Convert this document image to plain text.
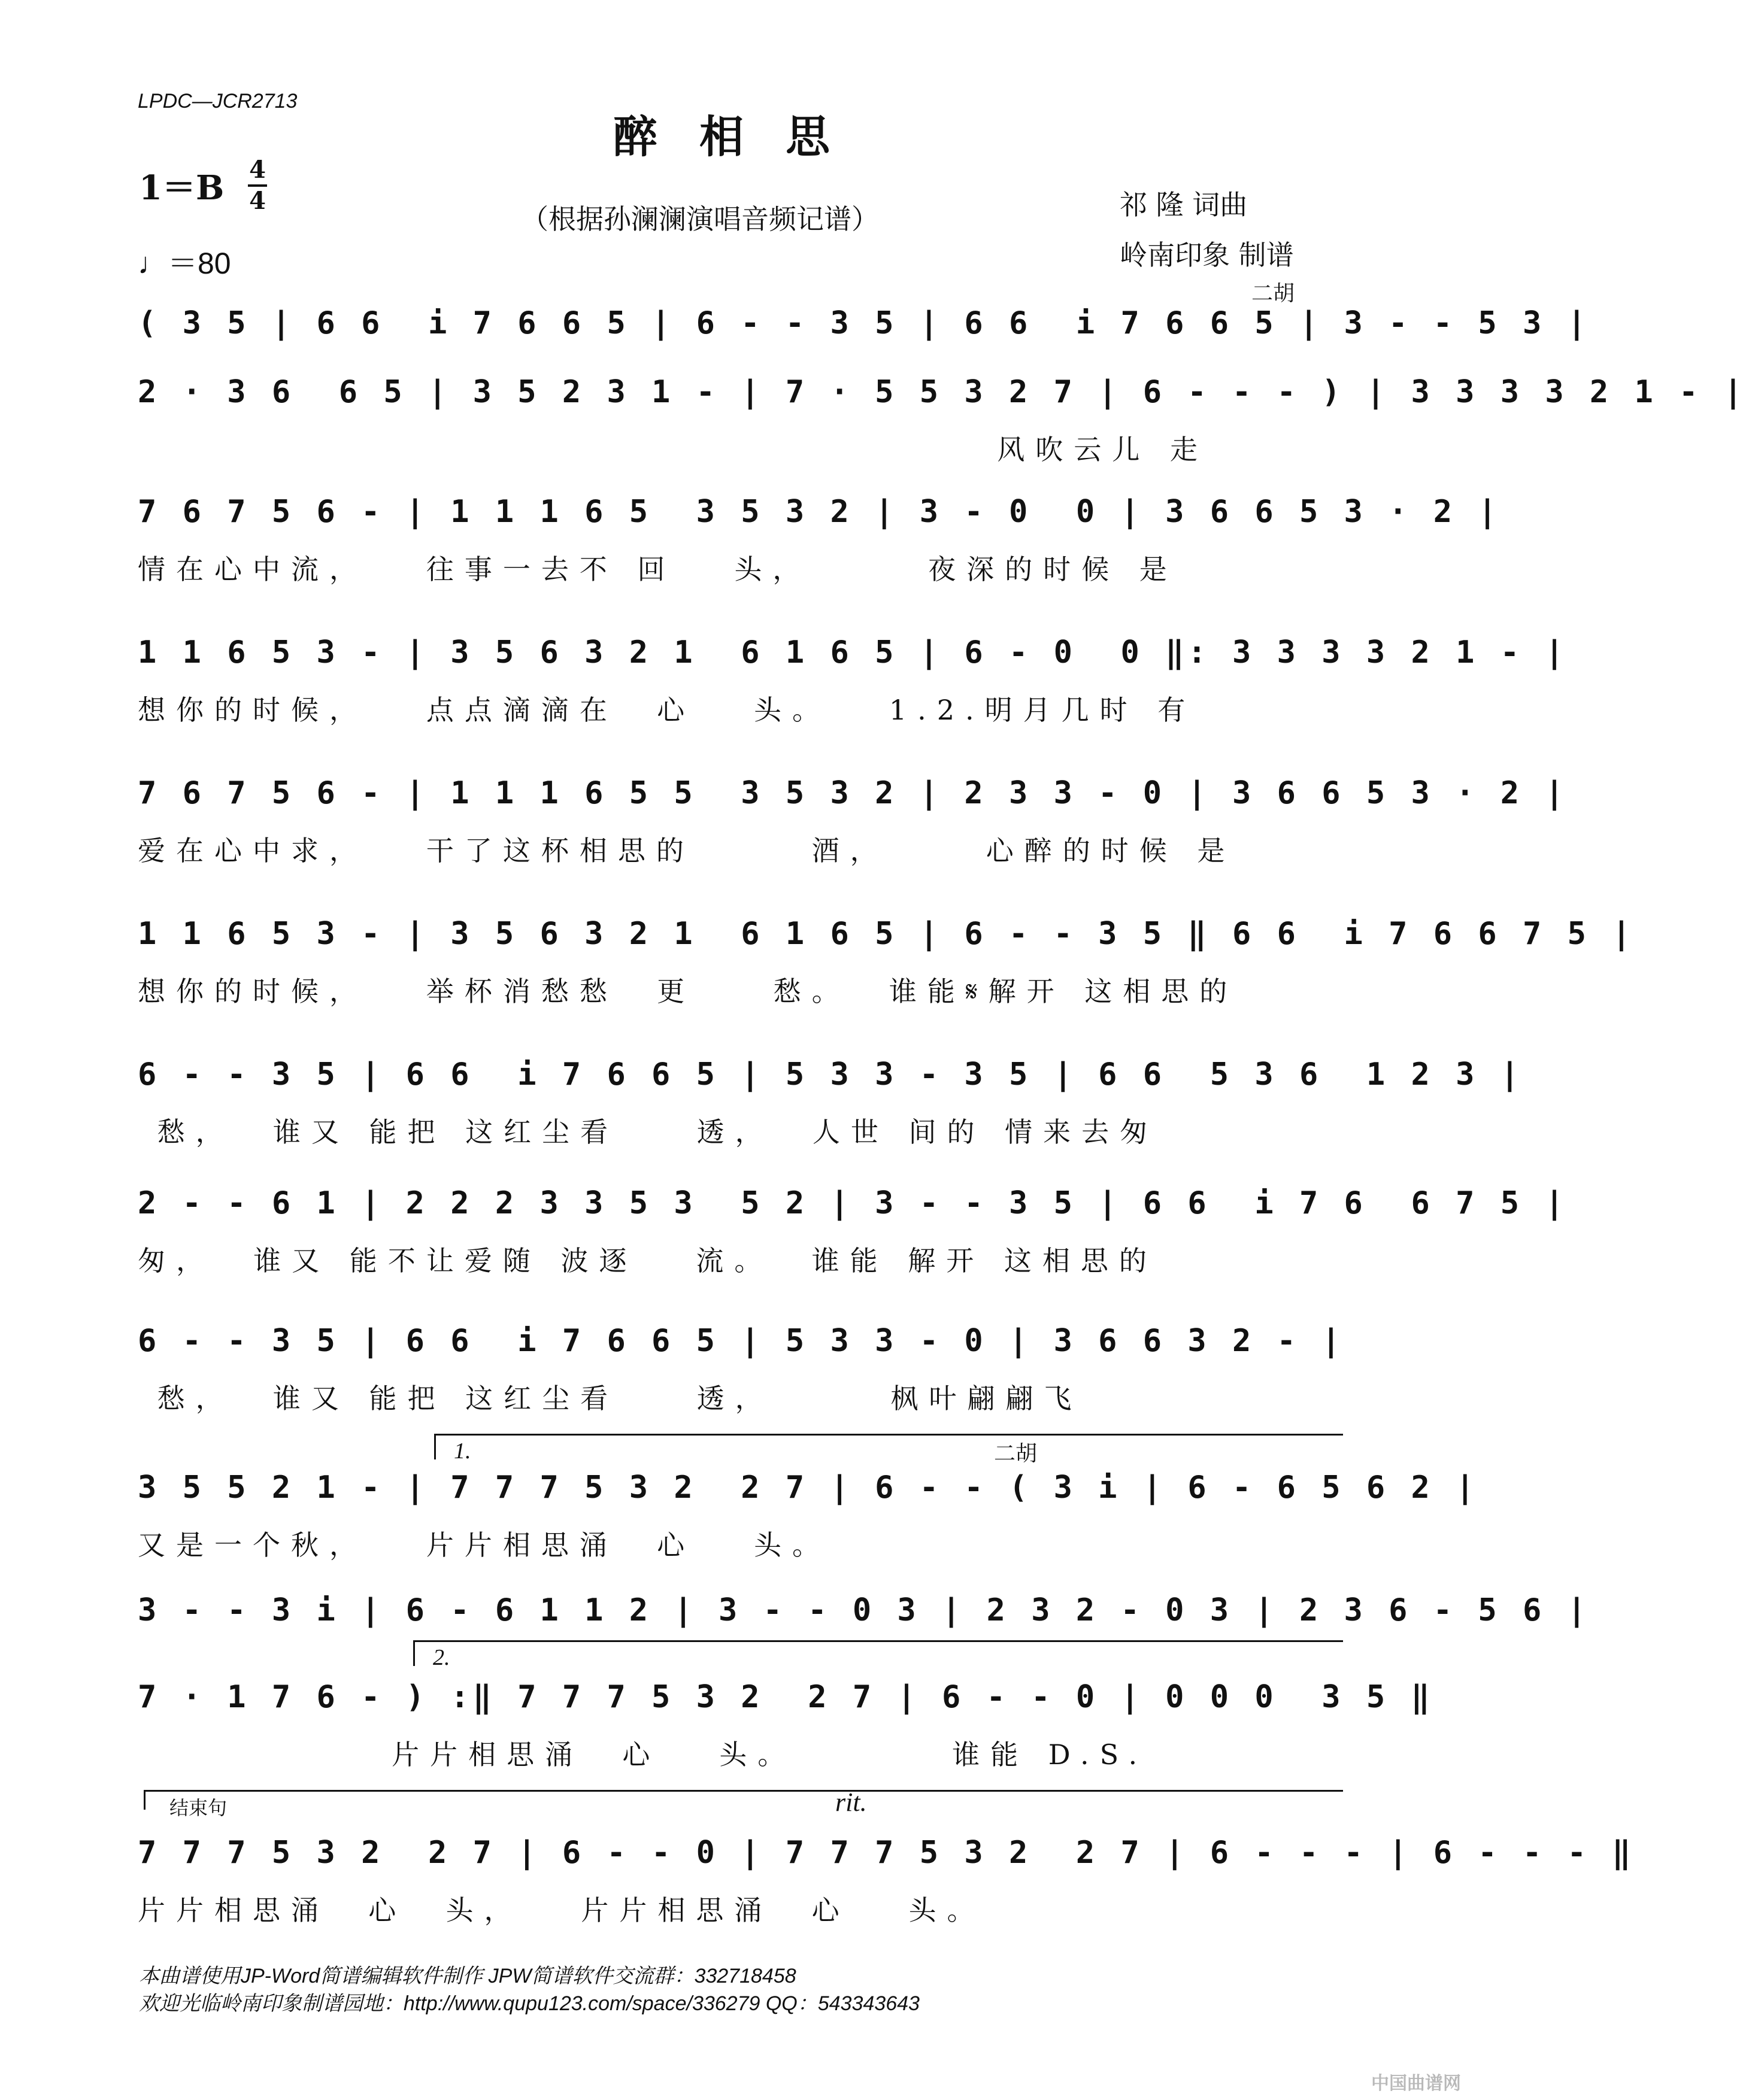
LPDC—JCR2713
醉相思
1＝B 4
4
♩＝80
（根据孙澜澜演唱音频记谱）	祁 隆 词曲
岭南印象 制谱
二胡
( 3 5 | 6 6  i 7 6 6 5 | 6 - - 3 5 | 6 6  i 7 6 6 5 | 3 - - 5 3 |
2 · 3 6  6 5 | 3 5 2 3 1 - | 7 · 5 5 3 2 7 | 6 - - - ) | 3 3 3 3 2 1 - |
风吹云儿 走
7 6 7 5 6 - | 1 1 1 6 5  3 5 3 2 | 3 - 0  0 | 3 6 6 5 3 · 2 |
情在心中流，   往事一去不 回   头，      夜深的时候 是
1 1 6 5 3 - | 3 5 6 3 2 1  6 1 6 5 | 6 - 0  0 ‖: 3 3 3 3 2 1 - |
想你的时候，   点点滴滴在  心   头。   1.2.明月几时 有
7 6 7 5 6 - | 1 1 1 6 5 5  3 5 3 2 | 2 3 3 - 0 | 3 6 6 5 3 · 2 |
爱在心中求，   干了这杯相思的      酒，     心醉的时候 是
1 1 6 5 3 - | 3 5 6 3 2 1  6 1 6 5 | 6 - - 3 5 ‖ 6 6  i 7 6 6 7 5 |
想你的时候，   举杯消愁愁  更    愁。  谁能𝄋解开 这相思的
6 - - 3 5 | 6 6  i 7 6 6 5 | 5 3 3 - 3 5 | 6 6  5 3 6  1 2 3 |
愁，  谁又 能把 这红尘看    透，  人世 间的 情来去匆
2 - - 6 1 | 2 2 2 3 3 5 3  5 2 | 3 - - 3 5 | 6 6  i 7 6  6 7 5 |
匆，  谁又 能不让爱随 波逐   流。  谁能 解开 这相思的
6 - - 3 5 | 6 6  i 7 6 6 5 | 5 3 3 - 0 | 3 6 6 3 2 - |
愁，  谁又 能把 这红尘看    透，      枫叶翩翩飞
1.	二胡
3 5 5 2 1 - | 7 7 7 5 3 2  2 7 | 6 - - ( 3 i | 6 - 6 5 6 2 |
又是一个秋，   片片相思涌  心   头。
3 - - 3 i | 6 - 6 1 1 2 | 3 - - 0 3 | 2 3 2 - 0 3 | 2 3 6 - 5 6 |
2.
7 · 1 7 6 - ) :‖ 7 7 7 5 3 2  2 7 | 6 - - 0 | 0 0 0  3 5 ‖
片片相思涌  心   头。        谁能 D.S.
结束句	rit.
7 7 7 5 3 2  2 7 | 6 - - 0 | 7 7 7 5 3 2  2 7 | 6 - - - | 6 - - - ‖
片片相思涌  心  头，   片片相思涌  心   头。
本曲谱使用JP-Word简谱编辑软件制作 JPW简谱软件交流群：332718458
欢迎光临岭南印象制谱园地：http://www.qupu123.com/space/336279 QQ：543343643
中国曲谱网
